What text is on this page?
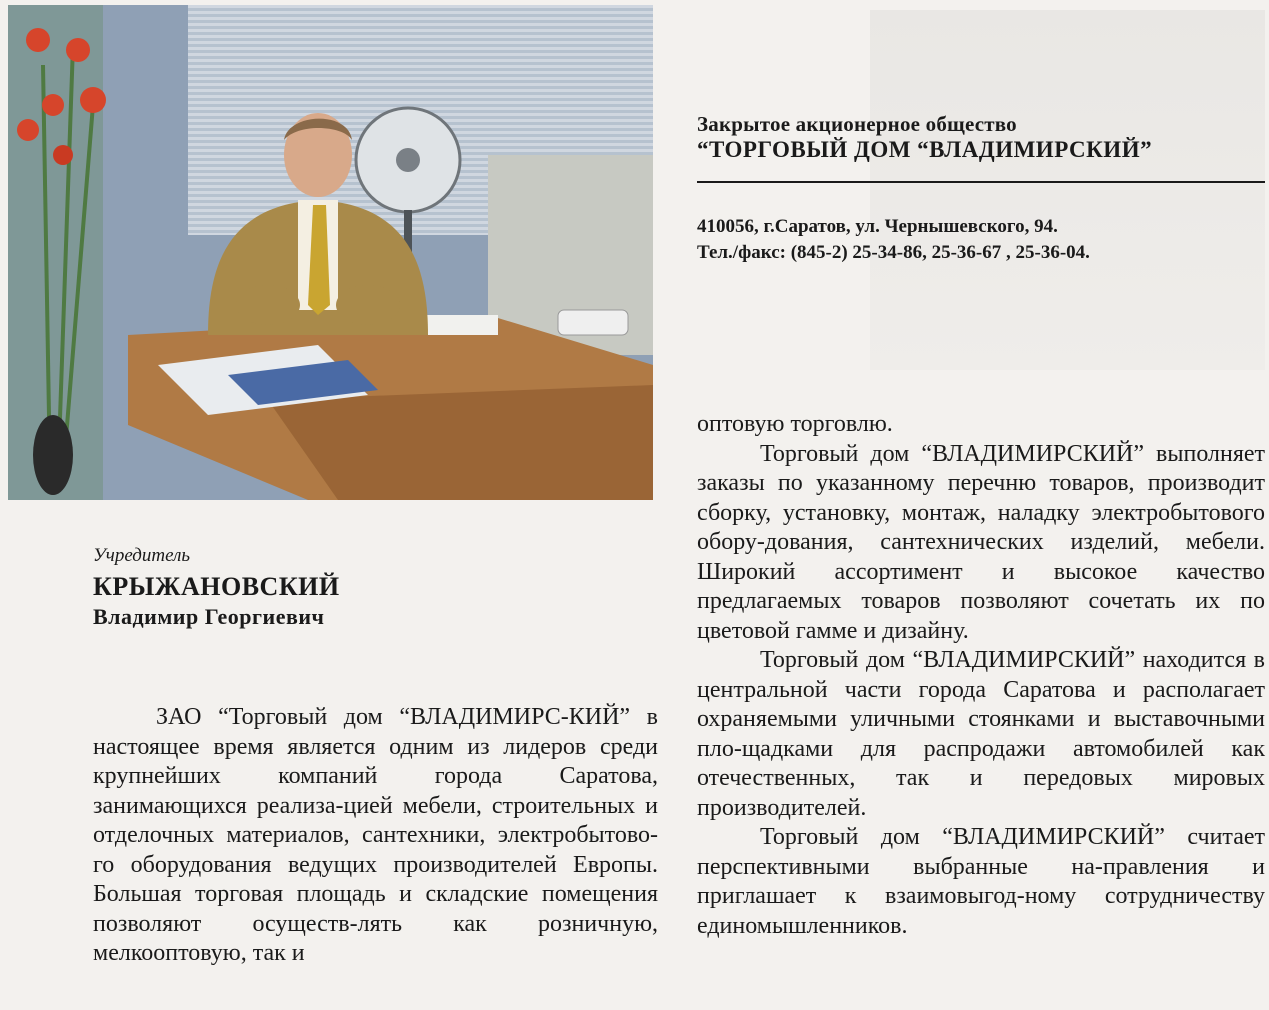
Закрытое акционерное общество

“ТОРГОВЫЙ ДОМ “ВЛАДИМИРСКИЙ”

410056, г.Саратов, ул. Чернышевского, 94.

Тел./факс: (845-2) 25-34-86, 25-36-67 , 25-36-04.

Учредитель

КРЫЖАНОВСКИЙ

Владимир Георгиевич

ЗАО “Торговый дом “ВЛАДИМИРС-КИЙ” в настоящее время является одним из лидеров среди крупнейших компаний города Саратова, занимающихся реализа-цией мебели, строительных и отделочных материалов, сантехники, электробытово-го оборудования ведущих производителей Европы. Большая торговая площадь и складские помещения позволяют осуществ-лять как розничную, мелкооптовую, так и

оптовую торговлю.

Торговый дом “ВЛАДИМИРСКИЙ” выполняет заказы по указанному перечню товаров, производит сборку, установку, монтаж, наладку электробытового обору-дования, сантехнических изделий, мебели. Широкий ассортимент и высокое качество предлагаемых товаров позволяют сочетать их по цветовой гамме и дизайну.

Торговый дом “ВЛАДИМИРСКИЙ” находится в центральной части города Саратова и располагает охраняемыми уличными стоянками и выставочными пло-щадками для распродажи автомобилей как отечественных, так и передовых мировых производителей.

Торговый дом “ВЛАДИМИРСКИЙ” считает перспективными выбранные на-правления и приглашает к взаимовыгод-ному сотрудничеству единомышленников.
